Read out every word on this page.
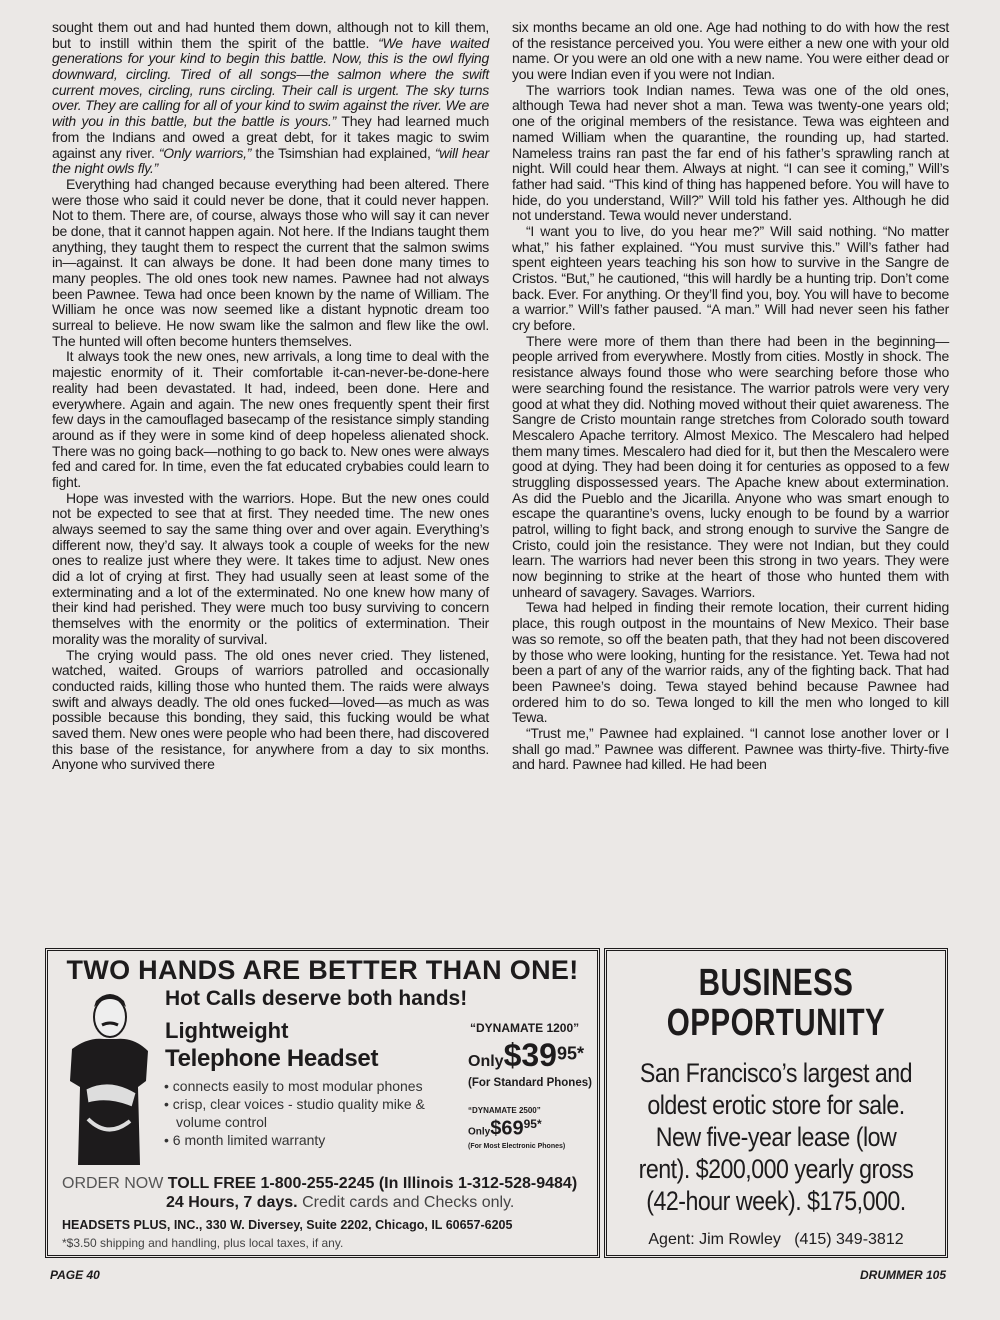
sought them out and had hunted them down, although not to kill them, but to instill within them the spirit of the battle. “We have waited generations for your kind to begin this battle. Now, this is the owl flying downward, circling. Tired of all songs—the salmon where the swift current moves, circling, runs circling. Their call is urgent. The sky turns over. They are calling for all of your kind to swim against the river. We are with you in this battle, but the battle is yours.” They had learned much from the Indians and owed a great debt, for it takes magic to swim against any river. “Only warriors,” the Tsimshian had explained, “will hear the night owls fly.”

Everything had changed because everything had been altered. There were those who said it could never be done, that it could never happen. Not to them. There are, of course, always those who will say it can never be done, that it cannot happen again. Not here. If the Indians taught them anything, they taught them to respect the current that the salmon swims in—against. It can always be done. It had been done many times to many peoples. The old ones took new names. Pawnee had not always been Pawnee. Tewa had once been known by the name of William. The William he once was now seemed like a distant hypnotic dream too surreal to believe. He now swam like the salmon and flew like the owl. The hunted will often become hunters themselves.

It always took the new ones, new arrivals, a long time to deal with the majestic enormity of it. Their comfortable it-can-never-be-done-here reality had been devastated. It had, indeed, been done. Here and everywhere. Again and again. The new ones frequently spent their first few days in the camouflaged basecamp of the resistance simply standing around as if they were in some kind of deep hopeless alienated shock. There was no going back—nothing to go back to. New ones were always fed and cared for. In time, even the fat educated crybabies could learn to fight.

Hope was invested with the warriors. Hope. But the new ones could not be expected to see that at first. They needed time. The new ones always seemed to say the same thing over and over again. Everything’s different now, they’d say. It always took a couple of weeks for the new ones to realize just where they were. It takes time to adjust. New ones did a lot of crying at first. They had usually seen at least some of the exterminating and a lot of the exterminated. No one knew how many of their kind had perished. They were much too busy surviving to concern themselves with the enormity or the politics of extermination. Their morality was the morality of survival.

The crying would pass. The old ones never cried. They listened, watched, waited. Groups of warriors patrolled and occasionally conducted raids, killing those who hunted them. The raids were always swift and always deadly. The old ones fucked—loved—as much as was possible because this bonding, they said, this fucking would be what saved them. New ones were people who had been there, had discovered this base of the resistance, for anywhere from a day to six months. Anyone who survived there

six months became an old one. Age had nothing to do with how the rest of the resistance perceived you. You were either a new one with your old name. Or you were an old one with a new name. You were either dead or you were Indian even if you were not Indian.

The warriors took Indian names. Tewa was one of the old ones, although Tewa had never shot a man. Tewa was twenty-one years old; one of the original members of the resistance. Tewa was eighteen and named William when the quarantine, the rounding up, had started. Nameless trains ran past the far end of his father’s sprawling ranch at night. Will could hear them. Always at night. “I can see it coming,” Will’s father had said. “This kind of thing has happened before. You will have to hide, do you understand, Will?” Will told his father yes. Although he did not understand. Tewa would never understand.

“I want you to live, do you hear me?” Will said nothing. “No matter what,” his father explained. “You must survive this.” Will’s father had spent eighteen years teaching his son how to survive in the Sangre de Cristos. “But,” he cautioned, “this will hardly be a hunting trip. Don’t come back. Ever. For anything. Or they’ll find you, boy. You will have to become a warrior.” Will’s father paused. “A man.” Will had never seen his father cry before.

There were more of them than there had been in the beginning—people arrived from everywhere. Mostly from cities. Mostly in shock. The resistance always found those who were searching before those who were searching found the resistance. The warrior patrols were very very good at what they did. Nothing moved without their quiet awareness. The Sangre de Cristo mountain range stretches from Colorado south toward Mescalero Apache territory. Almost Mexico. The Mescalero had helped them many times. Mescalero had died for it, but then the Mescalero were good at dying. They had been doing it for centuries as opposed to a few struggling dispossessed years. The Apache knew about extermination. As did the Pueblo and the Jicarilla. Anyone who was smart enough to escape the quarantine’s ovens, lucky enough to be found by a warrior patrol, willing to fight back, and strong enough to survive the Sangre de Cristo, could join the resistance. They were not Indian, but they could learn. The warriors had never been this strong in two years. They were now beginning to strike at the heart of those who hunted them with unheard of savagery. Savages. Warriors.

Tewa had helped in finding their remote location, their current hiding place, this rough outpost in the mountains of New Mexico. Their base was so remote, so off the beaten path, that they had not been discovered by those who were looking, hunting for the resistance. Yet. Tewa had not been a part of any of the warrior raids, any of the fighting back. That had been Pawnee’s doing. Tewa stayed behind because Pawnee had ordered him to do so. Tewa longed to kill the men who longed to kill Tewa.

“Trust me,” Pawnee had explained. “I cannot lose another lover or I shall go mad.” Pawnee was different. Pawnee was thirty-five. Thirty-five and hard. Pawnee had killed. He had been

TWO HANDS ARE BETTER THAN ONE!
Hot Calls deserve both hands!
Lightweight
Telephone Headset
• connects easily to most modular phones
• crisp, clear voices - studio quality mike & volume control
• 6 month limited warranty
“DYNAMATE 1200”
$Only\$39^{95*}$
(For Standard Phones)
“DYNAMATE 2500”
$Only\$69^{95*}$
(For Most Electronic Phones)
ORDER NOW TOLL FREE 1-800-255-2245 (In Illinois 1-312-528-9484)
24 Hours, 7 days. Credit cards and Checks only.
HEADSETS PLUS, INC., 330 W. Diversey, Suite 2202, Chicago, IL 60657-6205
*$3.50 shipping and handling, plus local taxes, if any.
BUSINESS
OPPORTUNITY
San Francisco’s largest and
oldest erotic store for sale.
New five-year lease (low
rent). $200,000 yearly gross
(42-hour week). $175,000.
Agent: Jim Rowley   (415) 349-3812
PAGE 40	DRUMMER 105
